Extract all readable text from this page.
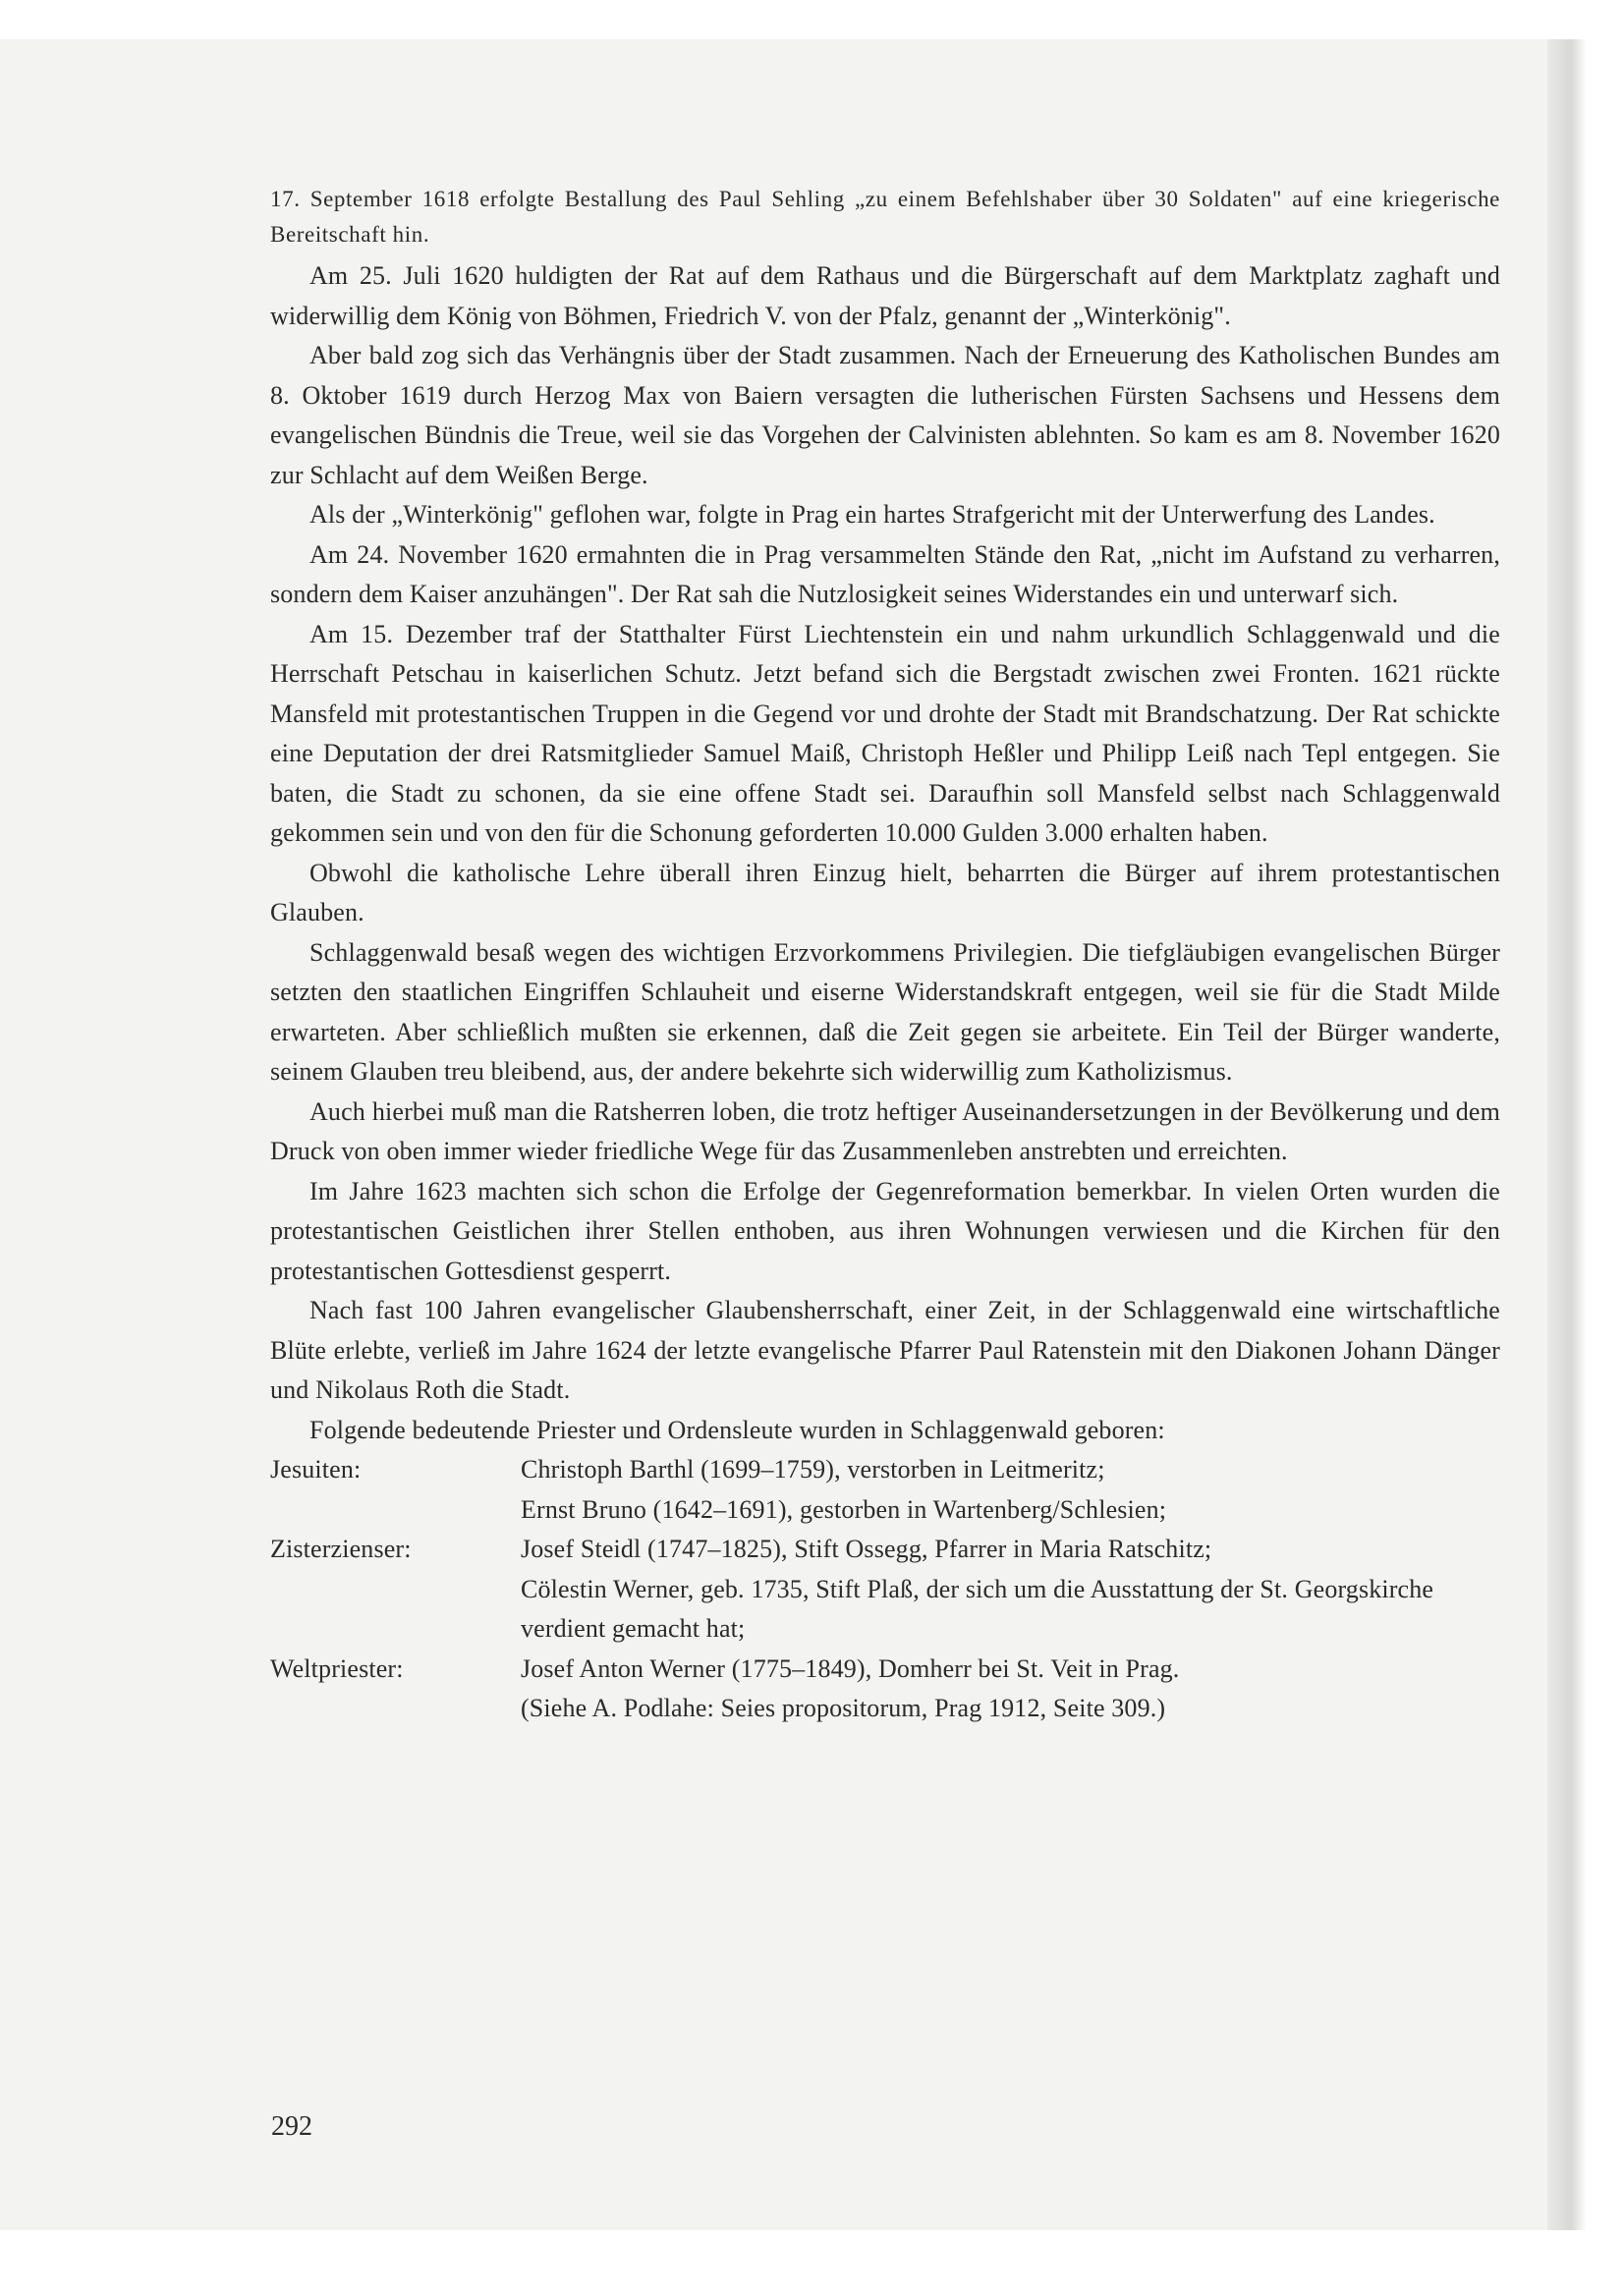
17. September 1618 erfolgte Bestallung des Paul Sehling „zu einem Befehlshaber über 30 Soldaten" auf eine kriegerische Bereitschaft hin.

Am 25. Juli 1620 huldigten der Rat auf dem Rathaus und die Bürgerschaft auf dem Marktplatz zaghaft und widerwillig dem König von Böhmen, Friedrich V. von der Pfalz, genannt der „Winterkönig".

Aber bald zog sich das Verhängnis über der Stadt zusammen. Nach der Erneuerung des Katholischen Bundes am 8. Oktober 1619 durch Herzog Max von Baiern versagten die lutherischen Fürsten Sachsens und Hessens dem evangelischen Bündnis die Treue, weil sie das Vorgehen der Calvinisten ablehnten. So kam es am 8. November 1620 zur Schlacht auf dem Weißen Berge.

Als der „Winterkönig" geflohen war, folgte in Prag ein hartes Strafgericht mit der Unterwerfung des Landes.

Am 24. November 1620 ermahnten die in Prag versammelten Stände den Rat, „nicht im Aufstand zu verharren, sondern dem Kaiser anzuhängen". Der Rat sah die Nutzlosigkeit seines Widerstandes ein und unterwarf sich.

Am 15. Dezember traf der Statthalter Fürst Liechtenstein ein und nahm urkundlich Schlaggenwald und die Herrschaft Petschau in kaiserlichen Schutz. Jetzt befand sich die Bergstadt zwischen zwei Fronten. 1621 rückte Mansfeld mit protestantischen Truppen in die Gegend vor und drohte der Stadt mit Brandschatzung. Der Rat schickte eine Deputation der drei Ratsmitglieder Samuel Maiß, Christoph Heßler und Philipp Leiß nach Tepl entgegen. Sie baten, die Stadt zu schonen, da sie eine offene Stadt sei. Daraufhin soll Mansfeld selbst nach Schlaggenwald gekommen sein und von den für die Schonung geforderten 10.000 Gulden 3.000 erhalten haben.

Obwohl die katholische Lehre überall ihren Einzug hielt, beharrten die Bürger auf ihrem protestantischen Glauben.

Schlaggenwald besaß wegen des wichtigen Erzvorkommens Privilegien. Die tiefgläubigen evangelischen Bürger setzten den staatlichen Eingriffen Schlauheit und eiserne Widerstandskraft entgegen, weil sie für die Stadt Milde erwarteten. Aber schließlich mußten sie erkennen, daß die Zeit gegen sie arbeitete. Ein Teil der Bürger wanderte, seinem Glauben treu bleibend, aus, der andere bekehrte sich widerwillig zum Katholizismus.

Auch hierbei muß man die Ratsherren loben, die trotz heftiger Auseinandersetzungen in der Bevölkerung und dem Druck von oben immer wieder friedliche Wege für das Zusammenleben anstrebten und erreichten.

Im Jahre 1623 machten sich schon die Erfolge der Gegenreformation bemerkbar. In vielen Orten wurden die protestantischen Geistlichen ihrer Stellen enthoben, aus ihren Wohnungen verwiesen und die Kirchen für den protestantischen Gottesdienst gesperrt.

Nach fast 100 Jahren evangelischer Glaubensherrschaft, einer Zeit, in der Schlaggenwald eine wirtschaftliche Blüte erlebte, verließ im Jahre 1624 der letzte evangelische Pfarrer Paul Ratenstein mit den Diakonen Johann Dänger und Nikolaus Roth die Stadt.

Folgende bedeutende Priester und Ordensleute wurden in Schlaggenwald geboren:

Jesuiten:	Christoph Barthl (1699–1759), verstorben in Leitmeritz;
Ernst Bruno (1642–1691), gestorben in Wartenberg/Schlesien;
Zisterzienser:	Josef Steidl (1747–1825), Stift Ossegg, Pfarrer in Maria Ratschitz;
Cölestin Werner, geb. 1735, Stift Plaß, der sich um die Ausstattung der St. Georgskirche verdient gemacht hat;
Weltpriester:	Josef Anton Werner (1775–1849), Domherr bei St. Veit in Prag.
(Siehe A. Podlahe: Seies propositorum, Prag 1912, Seite 309.)
292
